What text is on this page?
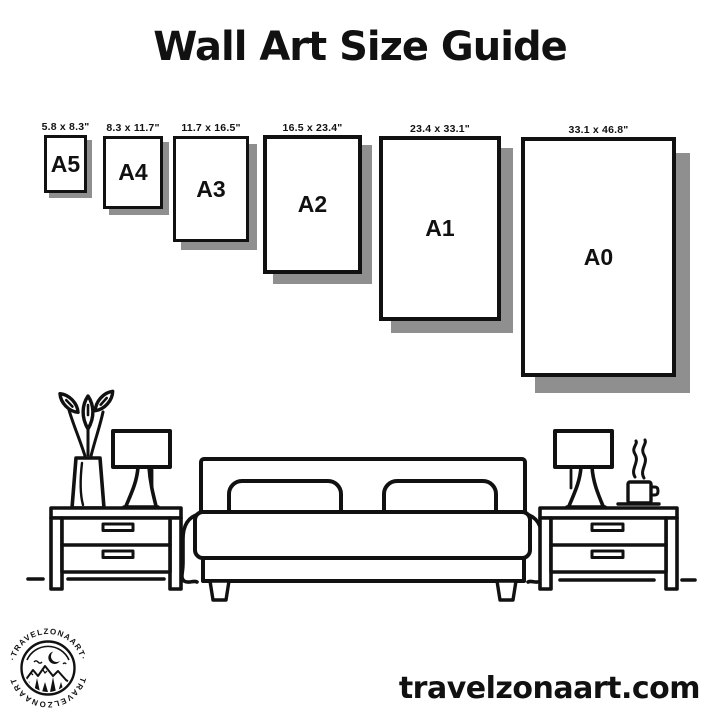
Wall Art Size Guide
5.8 x 8.3"
A5
8.3 x 11.7"
A4
11.7 x 16.5"
A3
16.5 x 23.4"
A2
23.4 x 33.1"
A1
33.1 x 46.8"
A0
·TRAVELZONAART·
TRAVELZONAART	travelzonaart.com
